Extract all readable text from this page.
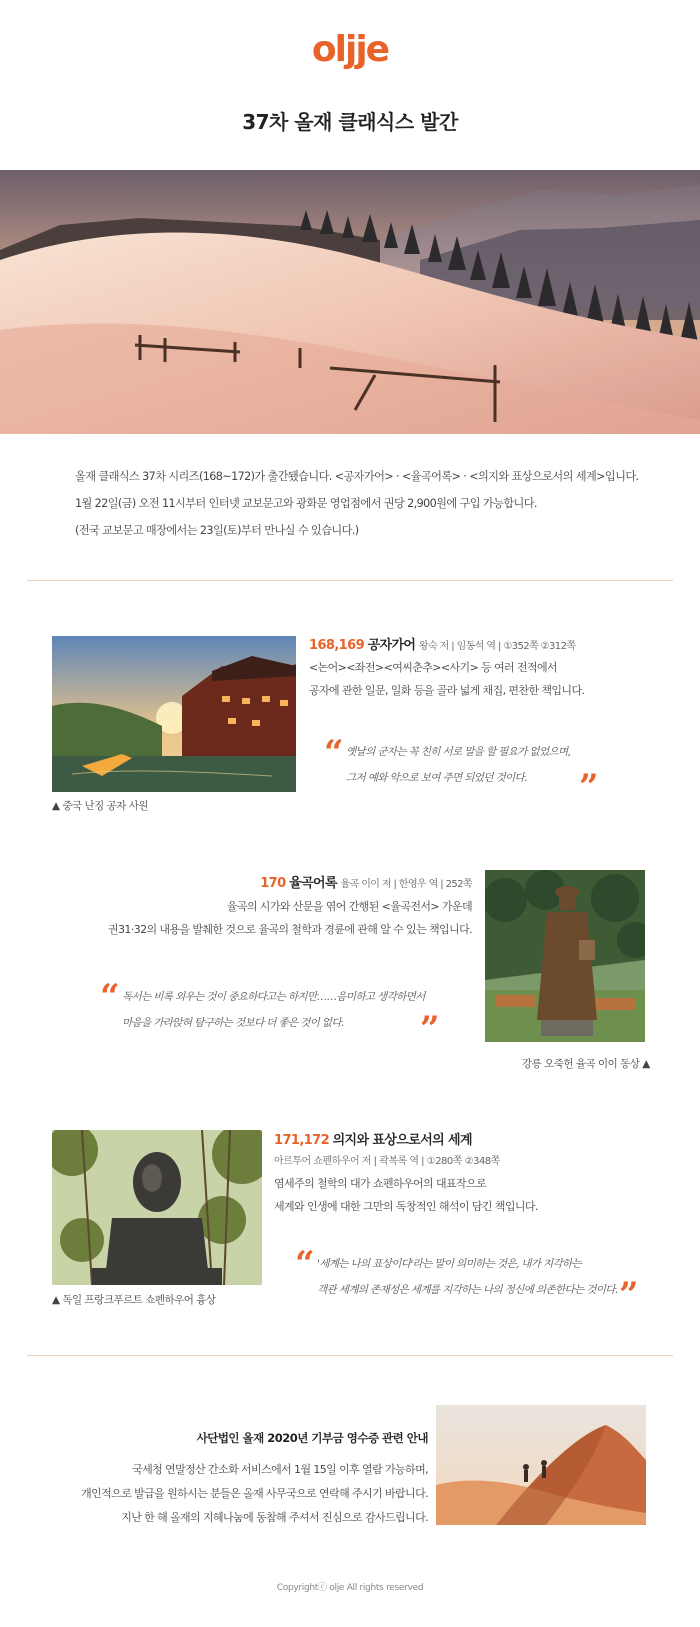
oljje
37차 올재 클래식스 발간

올재 클래식스 37차 시리즈(168~172)가 출간됐습니다. <공자가어> · <율곡어록> · <의지와 표상으로서의 세계>입니다.

1월 22일(금) 오전 11시부터 인터넷 교보문고와 광화문 영업점에서 권당 2,900원에 구입 가능합니다.

(전국 교보문고 매장에서는 23일(토)부터 만나실 수 있습니다.)

▲ 중국 난징 공자 사원
168,169 공자가어 왕숙 저 | 임동석 역 | ①352쪽 ②312쪽

<논어><좌전><여씨춘추><사기> 등 여러 전적에서

공자에 관한 일문, 일화 등을 골라 넓게 채집, 편찬한 책입니다.

“ 옛날의 군자는 꼭 친히 서로 말을 할 필요가 없었으며,

그저 예와 악으로 보여 주면 되었던 것이다.	”
170 율곡어록 율곡 이이 저 | 한영우 역 | 252쪽

율곡의 시가와 산문을 엮어 간행된 <율곡전서> 가운데

권31·32의 내용을 발췌한 것으로 율곡의 철학과 경륜에 관해 알 수 있는 책입니다.

“ 독서는 비록 외우는 것이 중요하다고는 하지만……음미하고 생각하면서

마음을 가라앉혀 탐구하는 것보다 더 좋은 것이 없다.	”
강릉 오죽헌 율곡 이이 동상 ▲
▲ 독일 프랑크푸르트 쇼펜하우어 흉상
171,172 의지와 표상으로서의 세계
아르투어 쇼펜하우어 저 | 곽복록 역 | ①280쪽 ②348쪽

염세주의 철학의 대가 쇼펜하우어의 대표작으로

세계와 인생에 대한 그만의 독창적인 해석이 담긴 책입니다.

“ '세계는 나의 표상이다'라는 말이 의미하는 것은, 내가 지각하는

객관 세계의 존재성은 세계를 지각하는 나의 정신에 의존한다는 것이다. ”
사단법인 올재 2020년 기부금 영수증 관련 안내

국세청 연말정산 간소화 서비스에서 1월 15일 이후 열람 가능하며,

개인적으로 발급을 원하시는 분들은 올재 사무국으로 연락해 주시기 바랍니다.

지난 한 해 올재의 지혜나눔에 동참해 주셔서 진심으로 감사드립니다.

Copyrightⓒ olje All rights reserved
